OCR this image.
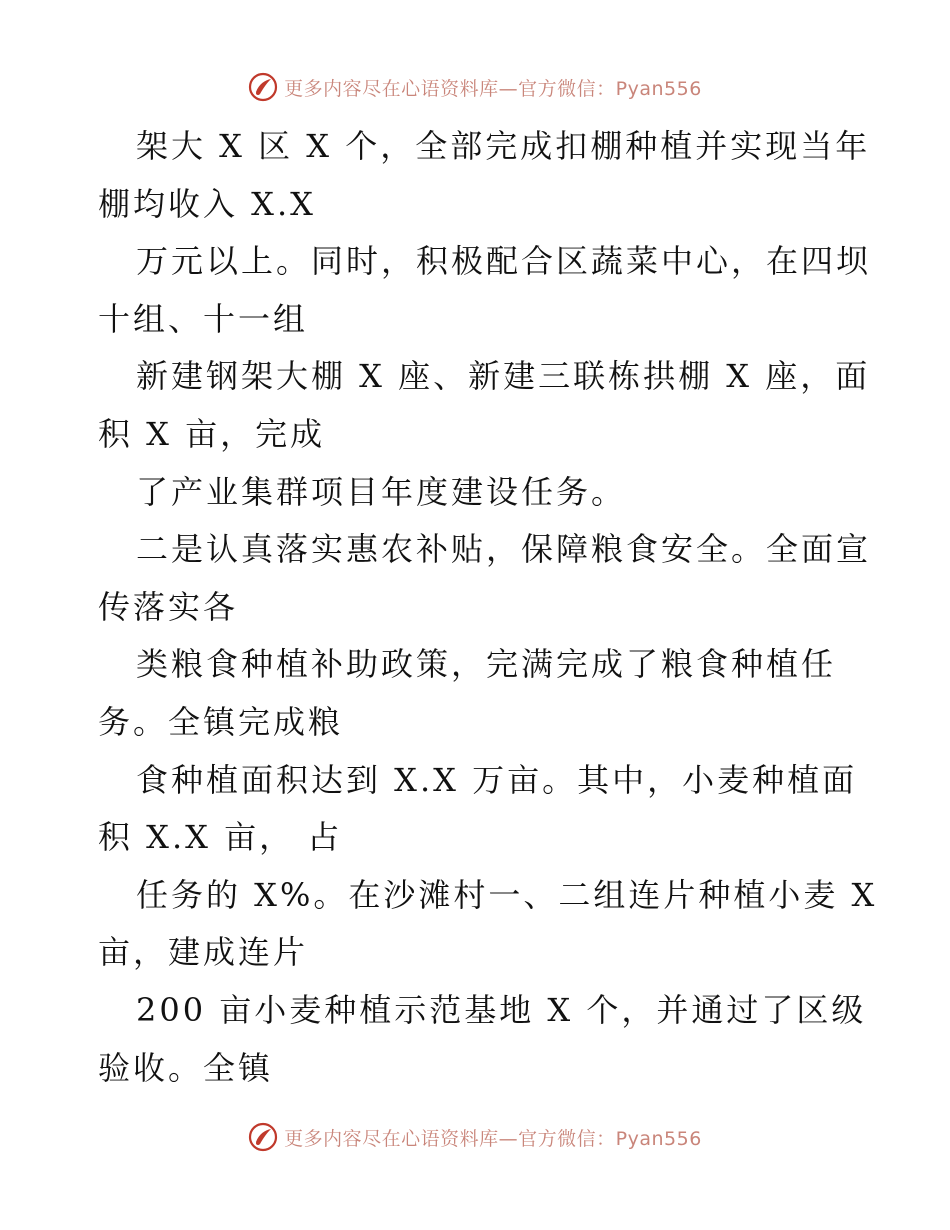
更多内容尽在心语资料库—官方微信：Pyan556
架大 X 区 X 个，全部完成扣棚种植并实现当年
棚均收入 X.X
万元以上。同时，积极配合区蔬菜中心，在四坝
十组、十一组
新建钢架大棚 X 座、新建三联栋拱棚 X 座，面
积 X 亩，完成
了产业集群项目年度建设任务。
二是认真落实惠农补贴，保障粮食安全。全面宣
传落实各
类粮食种植补助政策，完满完成了粮食种植任
务。全镇完成粮
食种植面积达到 X.X 万亩。其中，小麦种植面
积 X.X 亩， 占
任务的 X%。在沙滩村一、二组连片种植小麦 X
亩，建成连片
200 亩小麦种植示范基地 X 个，并通过了区级
验收。全镇
更多内容尽在心语资料库—官方微信：Pyan556
